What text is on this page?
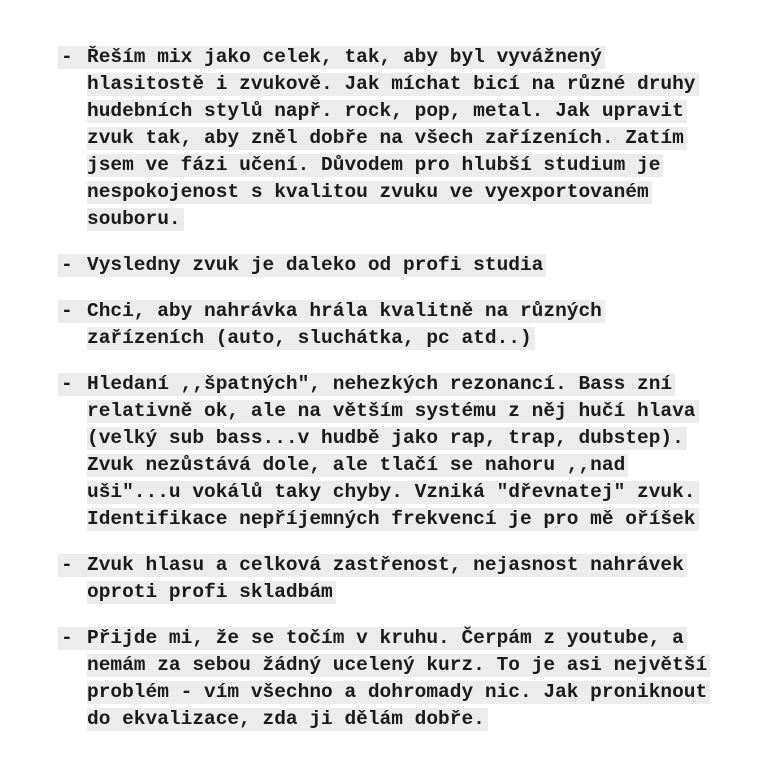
- Řeším mix jako celek, tak, aby byl vyvážnený
hlasitostě i zvukově. Jak míchat bicí na různé druhy
hudebních stylů např. rock, pop, metal. Jak upravit
zvuk tak, aby zněl dobře na všech zařízeních. Zatím
jsem ve fázi učení. Důvodem pro hlubší studium je
nespokojenost s kvalitou zvuku ve vyexportovaném
souboru.
- Vysledny zvuk je daleko od profi studia
- Chci, aby nahrávka hrála kvalitně na různých
zařízeních (auto, sluchátka, pc atd..)
- Hledaní ,,špatných", nehezkých rezonancí. Bass zní
relativně ok, ale na větším systému z něj hučí hlava
(velký sub bass...v hudbě jako rap, trap, dubstep).
Zvuk nezůstává dole, ale tlačí se nahoru ,,nad
uši"...u vokálů taky chyby. Vzniká "dřevnatej" zvuk.
Identifikace nepříjemných frekvencí je pro mě oříšek
- Zvuk hlasu a celková zastřenost, nejasnost nahrávek
oproti profi skladbám
- Přijde mi, že se točím v kruhu. Čerpám z youtube, a
nemám za sebou žádný ucelený kurz. To je asi největší
problém - vím všechno a dohromady nic. Jak proniknout
do ekvalizace, zda ji dělám dobře.
